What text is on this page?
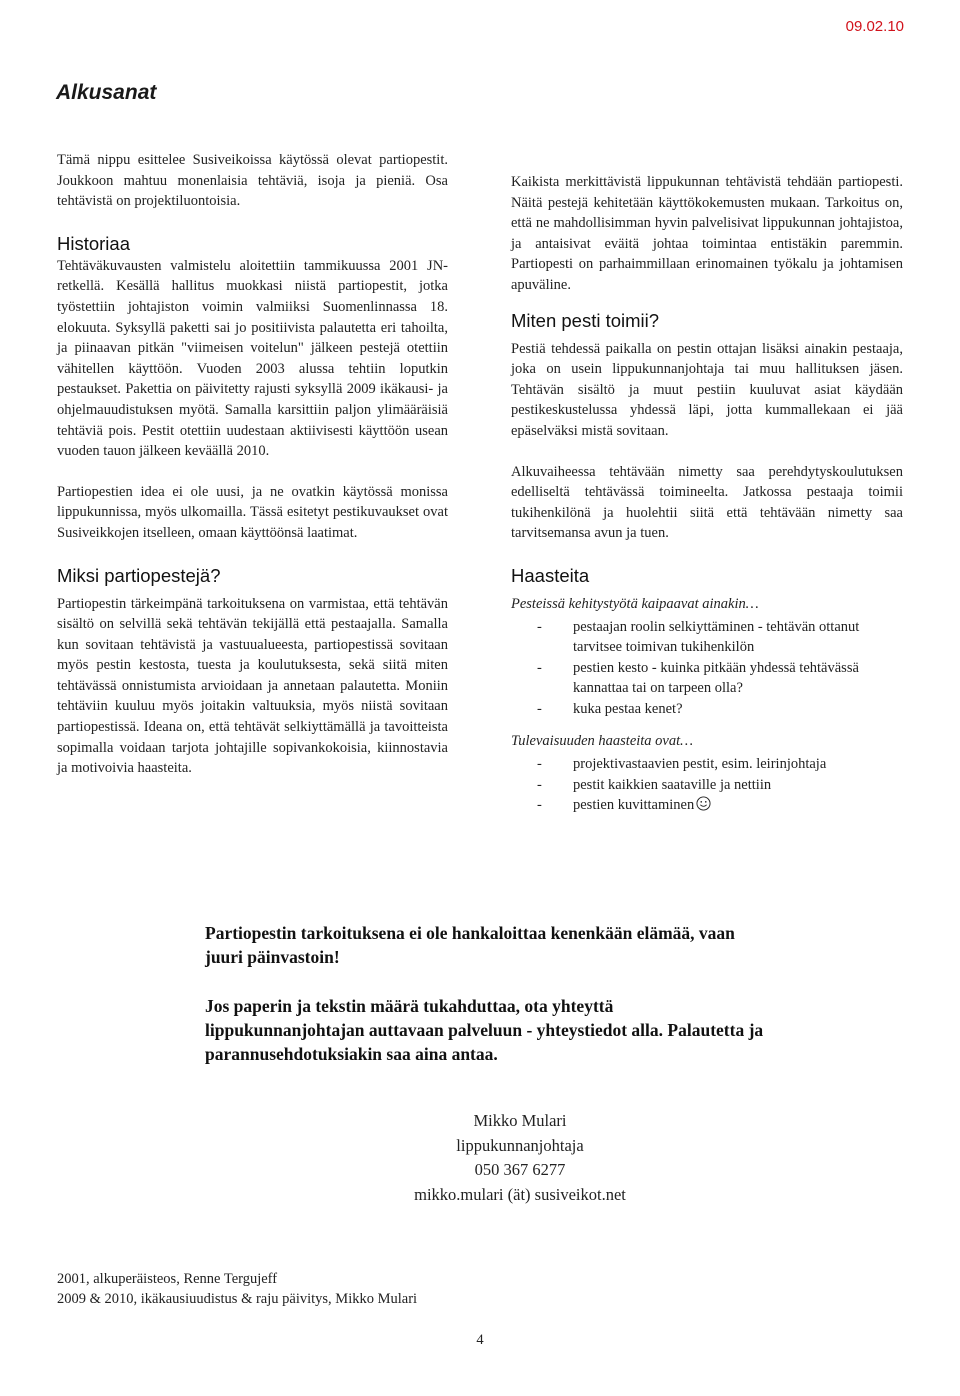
09.02.10
Alkusanat

Tämä nippu esittelee Susiveikoissa käytössä olevat partiopestit. Joukkoon mahtuu monenlaisia tehtäviä, isoja ja pieniä. Osa tehtävistä on projektiluontoisia.

Historiaa

Tehtäväkuvausten valmistelu aloitettiin tammikuussa 2001 JN-retkellä. Kesällä hallitus muokkasi niistä partiopestit, jotka työstettiin johtajiston voimin valmiiksi Suomenlinnassa 18. elokuuta. Syksyllä paketti sai jo positiivista palautetta eri tahoilta, ja piinaavan pitkän "viimeisen voitelun" jälkeen pestejä otettiin vähitellen käyttöön. Vuoden 2003 alussa tehtiin loputkin pestaukset. Pakettia on päivitetty rajusti syksyllä 2009 ikäkausi- ja ohjelmauudistuksen myötä. Samalla karsittiin paljon ylimääräisiä tehtäviä pois. Pestit otettiin uudestaan aktiivisesti käyttöön usean vuoden tauon jälkeen keväällä 2010.

Partiopestien idea ei ole uusi, ja ne ovatkin käytössä monissa lippukunnissa, myös ulkomailla. Tässä esitetyt pestikuvaukset ovat Susiveikkojen itselleen, omaan käyttöönsä laatimat.

Miksi partiopestejä?

Partiopestin tärkeimpänä tarkoituksena on varmistaa, että tehtävän sisältö on selvillä sekä tehtävän tekijällä että pestaajalla. Samalla kun sovitaan tehtävistä ja vastuualueesta, partiopestissä sovitaan myös pestin kestosta, tuesta ja koulutuksesta, sekä siitä miten tehtävässä onnistumista arvioidaan ja annetaan palautetta. Moniin tehtäviin kuuluu myös joitakin valtuuksia, myös niistä sovitaan partiopestissä. Ideana on, että tehtävät selkiyttämällä ja tavoitteista sopimalla voidaan tarjota johtajille sopivankokoisia, kiinnostavia ja motivoivia haasteita.

Kaikista merkittävistä lippukunnan tehtävistä tehdään partiopesti. Näitä pestejä kehitetään käyttökokemusten mukaan. Tarkoitus on, että ne mahdollisimman hyvin palvelisivat lippukunnan johtajistoa, ja antaisivat eväitä johtaa toimintaa entistäkin paremmin. Partiopesti on parhaimmillaan erinomainen työkalu ja johtamisen apuväline.

Miten pesti toimii?

Pestiä tehdessä paikalla on pestin ottajan lisäksi ainakin pestaaja, joka on usein lippukunnanjohtaja tai muu hallituksen jäsen. Tehtävän sisältö ja muut pestiin kuuluvat asiat käydään pestikeskustelussa yhdessä läpi, jotta kummallekaan ei jää epäselväksi mistä sovitaan.

Alkuvaiheessa tehtävään nimetty saa perehdytyskoulutuksen edelliseltä tehtävässä toimineelta. Jatkossa pestaaja toimii tukihenkilönä ja huolehtii siitä että tehtävään nimetty saa tarvitsemansa avun ja tuen.

Haasteita
Pesteissä kehitystyötä kaipaavat ainakin…
- pestaajan roolin selkiyttäminen - tehtävän ottanut tarvitsee toimivan tukihenkilön
- pestien kesto - kuinka pitkään yhdessä tehtävässä kannattaa tai on tarpeen olla?
- kuka pestaa kenet?
Tulevaisuuden haasteita ovat…
- projektivastaavien pestit, esim. leirinjohtaja
- pestit kaikkien saataville ja nettiin
- pestien kuvittaminen

Partiopestin tarkoituksena ei ole hankaloittaa kenenkään elämää, vaan juuri päinvastoin!

Jos paperin ja tekstin määrä tukahduttaa, ota yhteyttä lippukunnanjohtajan auttavaan palveluun - yhteystiedot alla. Palautetta ja parannusehdotuksiakin saa aina antaa.

Mikko Mulari
lippukunnanjohtaja
050 367 6277
mikko.mulari (ät) susiveikot.net
2001, alkuperäisteos, Renne Tergujeff
2009 & 2010, ikäkausiuudistus & raju päivitys, Mikko Mulari
4
